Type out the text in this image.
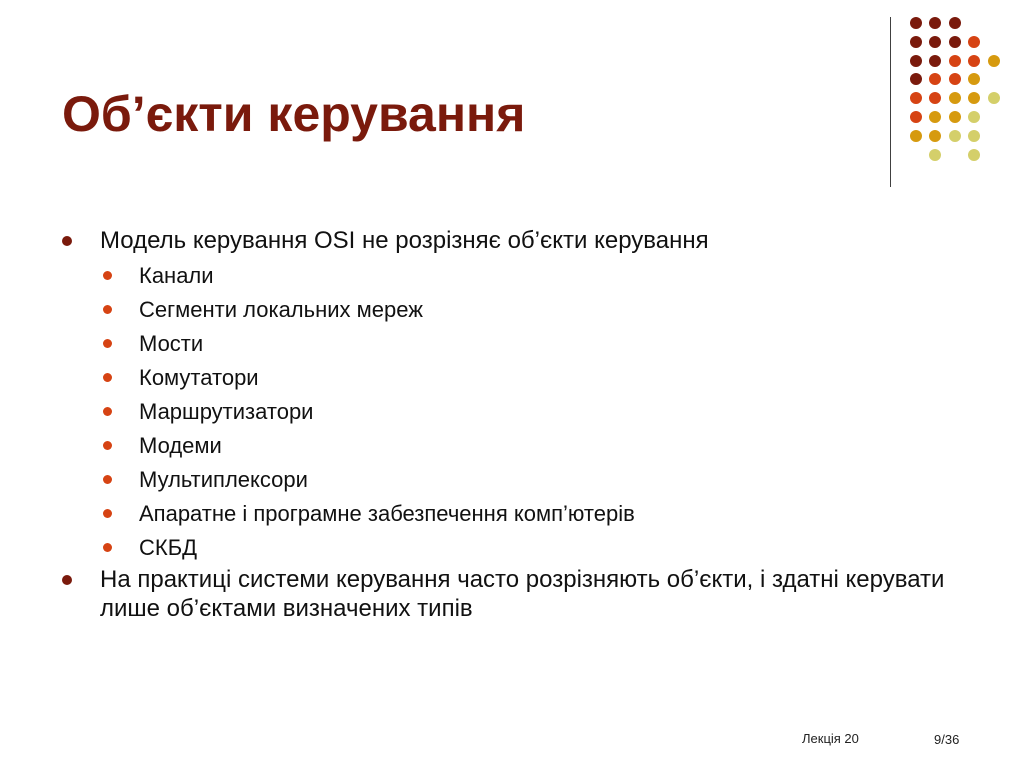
Об’єкти керування
Модель керування OSI не розрізняє об’єкти керування
Канали
Сегменти локальних мереж
Мости
Комутатори
Маршрутизатори
Модеми
Мультиплексори
Апаратне і програмне забезпечення комп’ютерів
СКБД
На практиці системи керування часто розрізняють об’єкти, і здатні керувати лише об’єктами визначених типів
Лекція 20	9/36
